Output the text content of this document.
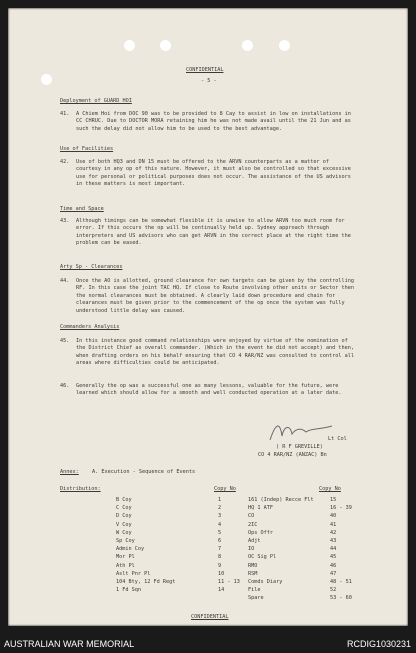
CONFIDENTIAL
- 5 -
Deployment of GUARD HOI
41. A Chiem Hoi from DOC 90 was to be provided to 8 Cay to assist in low on installations in CC CHRUC. Due to DOCTOR MORA retaining him he was not made avail until the 21 Jun and as such the delay did not allow him to be used to the best advantage.
Use of Facilities
42. Use of both HQ3 and DN 15 must be offered to the ARVN counterparts as a matter of courtesy in any op of this nature. However, it must also be controlled so that excessive use for personal or political purposes does not occur. The assistance of the US advisors in these matters is most important.
Time and Space
43. Although timings can be somewhat flexible it is unwise to allow ARVN too much room for error. If this occurs the op will be continually held up. Sydney approach through interpreters and US advisors who can get ARVN in the correct place at the right time the problem can be eased.
Arty Sp - Clearances
44. Once the AO is allotted, ground clearance for own targets can be given by the controlling RF. In this case the joint TAC HQ. If close to Route involving other units or Sector then the normal clearances must be obtained. A clearly laid down procedure and chain for clearances must be given prior to the commencement of the op once the system was fully understood little delay was caused.
Commanders Analysis
45. In this instance good command relationships were enjoyed by virtue of the nomination of the District Chief as overall commander. (Which in the event he did not accept) and then, when drafting orders on his behalf ensuring that CO 4 RAR/NZ was consulted to control all areas where difficulties could be anticipated.
46. Generally the op was a successful one as many lessons, valuable for the future, were learned which should allow for a smooth and well conducted operation at a later date.
Lt Col
( R F GREVILLE)
CO 4 RAR/NZ (ANZAC) Bn
Annex:	A. Execution - Sequence of Events
Distribution:	Copy No	Copy No
B Coy	1
C Coy	2
D Coy	3
V Coy	4
W Coy	5
Sp Coy	6
Admin Coy	7
Mor Pl	8
Ath Pl	9
Aslt Pnr Pl	10
104 Bty, 12 Fd Regt	11 - 13
1 Fd Sqn	14
161 (Indep) Recce Flt	15
HQ 1 ATF	16 - 39
CO	40
2IC	41
Ops Offr	42
Adjt	43
IO	44
OC Sig Pl	45
RMO	46
RSM	47
Comds Diary	48 - 51
File	52
Spare	53 - 60
CONFIDENTIAL
AUSTRALIAN WAR MEMORIAL	RCDIG1030231
